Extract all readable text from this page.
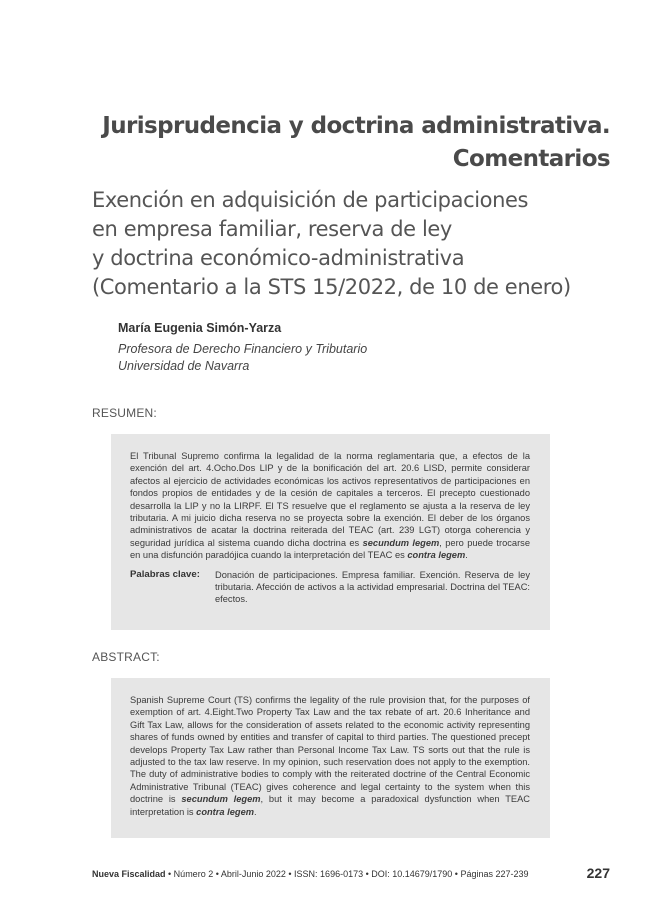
Jurisprudencia y doctrina administrativa.
Comentarios
Exención en adquisición de participaciones
en empresa familiar, reserva de ley
y doctrina económico-administrativa
(Comentario a la STS 15/2022, de 10 de enero)
María Eugenia Simón-Yarza
Profesora de Derecho Financiero y Tributario
Universidad de Navarra
RESUMEN:

El Tribunal Supremo confirma la legalidad de la norma reglamentaria que, a efectos de la exención del art. 4.Ocho.Dos LIP y de la bonificación del art. 20.6 LISD, permite considerar afectos al ejercicio de actividades económicas los activos representativos de participaciones en fondos propios de entidades y de la cesión de capitales a terceros. El precepto cuestionado desarrolla la LIP y no la LIRPF. El TS resuelve que el reglamento se ajusta a la reserva de ley tributaria. A mi juicio dicha reserva no se proyecta sobre la exención. El deber de los órganos administrativos de acatar la doctrina reiterada del TEAC (art. 239 LGT) otorga coherencia y seguridad jurídica al sistema cuando dicha doctrina es secundum legem, pero puede trocarse en una disfunción paradójica cuando la interpretación del TEAC es contra legem.

Palabras clave:	Donación de participaciones. Empresa familiar. Exención. Reserva de ley tributaria. Afección de activos a la actividad empresarial. Doctrina del TEAC: efectos.
ABSTRACT:

Spanish Supreme Court (TS) confirms the legality of the rule provision that, for the purposes of exemption of art. 4.Eight.Two Property Tax Law and the tax rebate of art. 20.6 Inheritance and Gift Tax Law, allows for the consideration of assets related to the economic activity representing shares of funds owned by entities and transfer of capital to third parties. The questioned precept develops Property Tax Law rather than Personal Income Tax Law. TS sorts out that the rule is adjusted to the tax law reserve. In my opinion, such reservation does not apply to the exemption. The duty of administrative bodies to comply with the reiterated doctrine of the Central Economic Administrative Tribunal (TEAC) gives coherence and legal certainty to the system when this doctrine is secundum legem, but it may become a paradoxical dysfunction when TEAC interpretation is contra legem.

Nueva Fiscalidad • Número 2 • Abril-Junio 2022 • ISSN: 1696-0173 • DOI: 10.14679/1790 • Páginas 227-239	227
